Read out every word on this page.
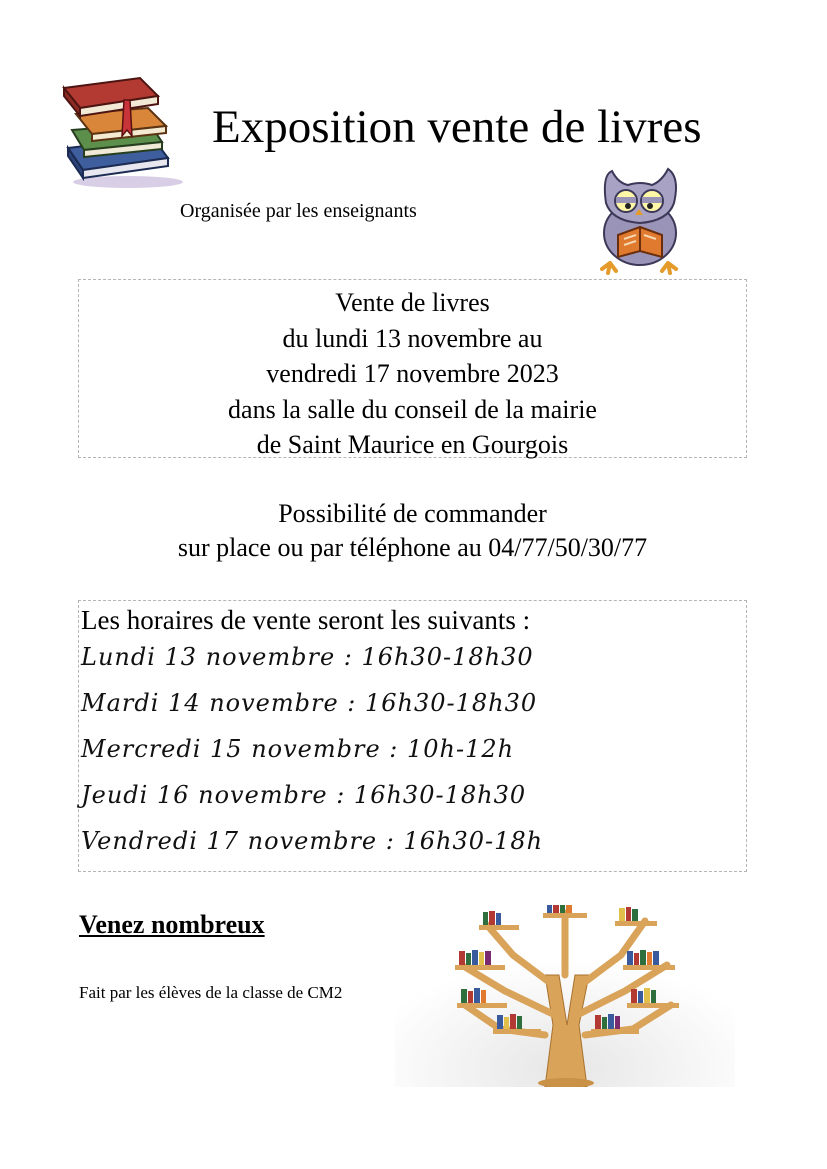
Exposition vente de livres
Organisée par les enseignants
Vente de livres
du lundi 13 novembre au
vendredi 17 novembre 2023
dans la salle du conseil de la mairie
de Saint Maurice en Gourgois
Possibilité de commander
sur place ou par téléphone au 04/77/50/30/77
Les horaires de vente seront les suivants :
Lundi 13 novembre : 16h30-18h30
Mardi 14 novembre : 16h30-18h30
Mercredi 15 novembre : 10h-12h
Jeudi 16 novembre : 16h30-18h30
Vendredi 17 novembre : 16h30-18h
Venez nombreux
Fait par les élèves de la classe de CM2
